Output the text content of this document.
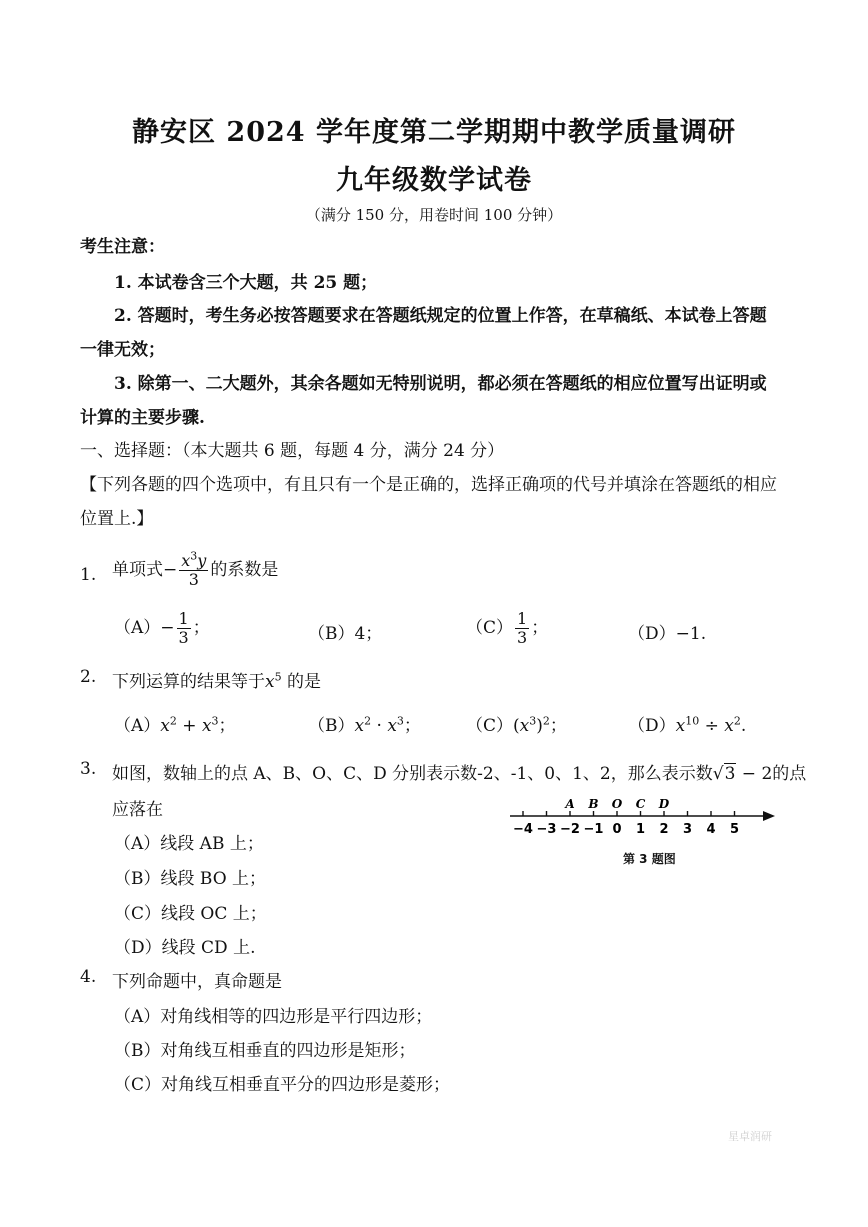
静安区 2024 学年度第二学期期中教学质量调研
九年级数学试卷
（满分 150 分，用卷时间 100 分钟）
考生注意：
1. 本试卷含三个大题，共 25 题；
2. 答题时，考生务必按答题要求在答题纸规定的位置上作答，在草稿纸、本试卷上答题
一律无效；
3. 除第一、二大题外，其余各题如无特别说明，都必须在答题纸的相应位置写出证明或
计算的主要步骤.
一、选择题：（本大题共 6 题，每题 4 分，满分 24 分）
【下列各题的四个选项中，有且只有一个是正确的，选择正确项的代号并填涂在答题纸的相应
位置上.】
1. 单项式− $\frac{x^3y}{3}$ 的系数是
$(A)- \frac{1}{3}$ ；	（B）4；	$(C) \frac{1}{3}$ ；	（D）−1.
2. 下列运算的结果等于$x^5$ 的是
$(A)x^2 + x^3$；	$(B)x^2 \cdot x^3$；	$(C)(x^3)^2$；	$(D)x^{10} \div x^2$.
3. 如图，数轴上的点 A、B、O、C、D 分别表示数-2、-1、0、1、2，那么表示数√3 − 2的点
应落在
（A）线段 AB 上；
（B）线段 BO 上；
（C）线段 OC 上；
（D）线段 CD 上.
−4 −3 −2 −1 0 1 2 3 4 5
A B O C D
第 3 题图
4. 下列命题中，真命题是
（A）对角线相等的四边形是平行四边形；
（B）对角线互相垂直的四边形是矩形；
（C）对角线互相垂直平分的四边形是菱形；
星卓润研
